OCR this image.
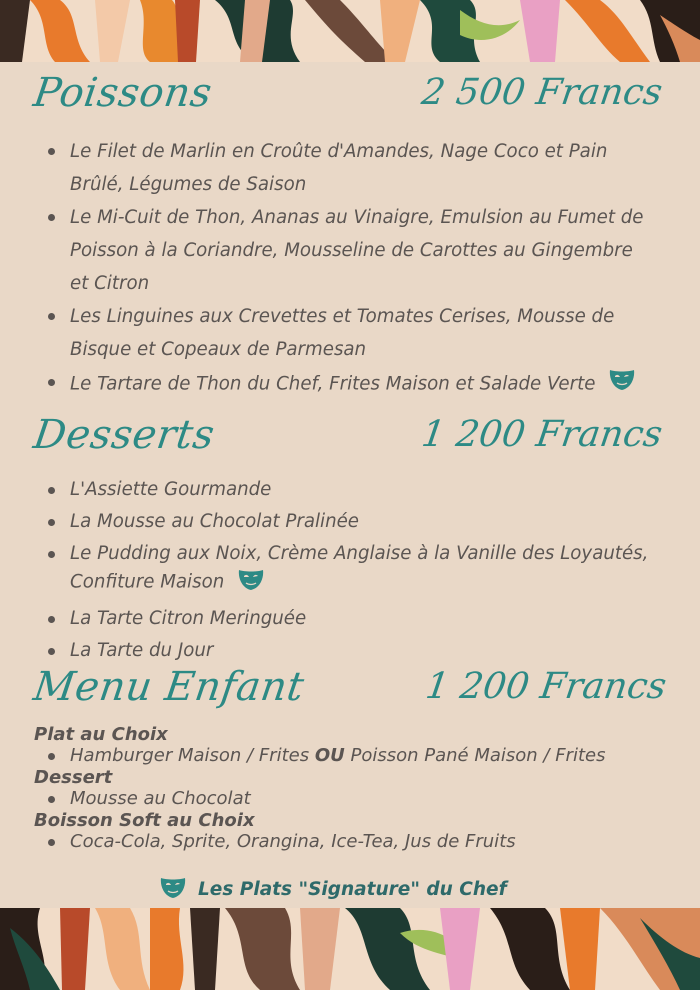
Poissons	2 500 Francs
Le Filet de Marlin en Croûte d'Amandes, Nage Coco et Pain Brûlé, Légumes de Saison
Le Mi-Cuit de Thon, Ananas au Vinaigre, Emulsion au Fumet de Poisson à la Coriandre, Mousseline de Carottes au Gingembre et Citron
Les Linguines aux Crevettes et Tomates Cerises, Mousse de Bisque et Copeaux de Parmesan
Le Tartare de Thon du Chef, Frites Maison et Salade Verte
Desserts	1 200 Francs
L'Assiette Gourmande
La Mousse au Chocolat Pralinée
Le Pudding aux Noix, Crème Anglaise à la Vanille des Loyautés, Confiture Maison
La Tarte Citron Meringuée
La Tarte du Jour
Menu Enfant	1 200 Francs
Plat au Choix
Hamburger Maison / Frites OU Poisson Pané Maison / Frites
Dessert
Mousse au Chocolat
Boisson Soft au Choix
Coca-Cola, Sprite, Orangina, Ice-Tea, Jus de Fruits
Les Plats "Signature" du Chef
